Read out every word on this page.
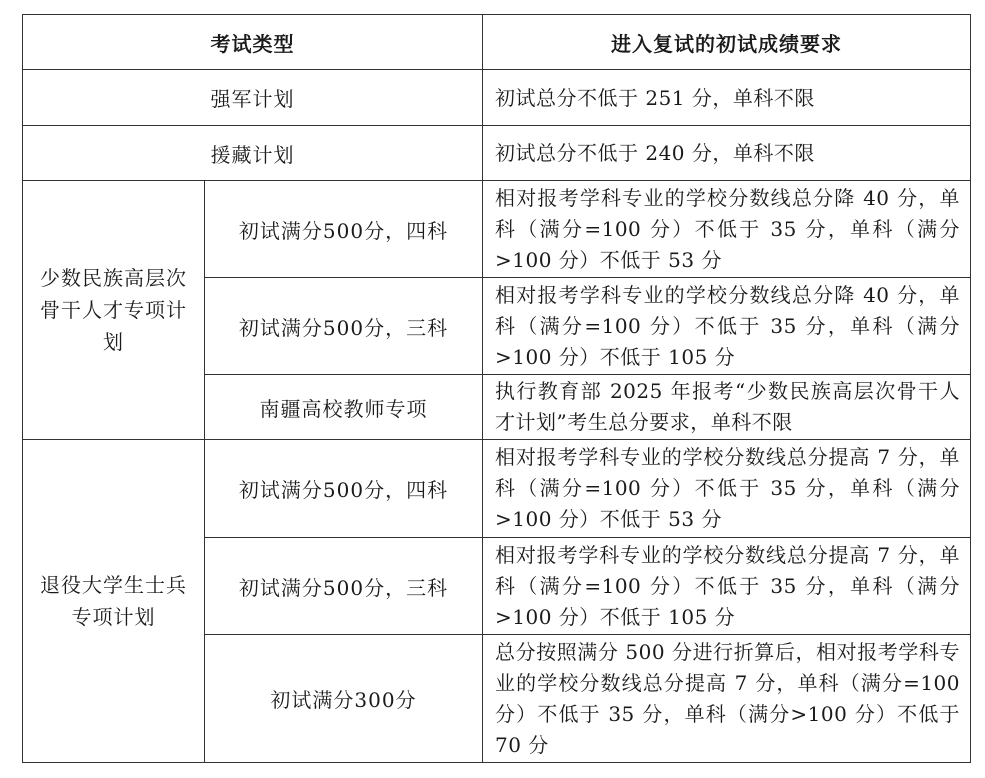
考试类型		进入复试的初试成绩要求
强军计划		初试总分不低于 251 分，单科不限
援藏计划		初试总分不低于 240 分，单科不限
少数民族高层次骨干人才专项计划	初试满分500分，四科	相对报考学科专业的学校分数线总分降 40 分，单科（满分=100 分）不低于 35 分，单科（满分>100 分）不低于 53 分
	初试满分500分，三科	相对报考学科专业的学校分数线总分降 40 分，单科（满分=100 分）不低于 35 分，单科（满分>100 分）不低于 105 分
	南疆高校教师专项	执行教育部 2025 年报考“少数民族高层次骨干人才计划”考生总分要求，单科不限
退役大学生士兵专项计划	初试满分500分，四科	相对报考学科专业的学校分数线总分提高 7 分，单科（满分=100 分）不低于 35 分，单科（满分>100 分）不低于 53 分
	初试满分500分，三科	相对报考学科专业的学校分数线总分提高 7 分，单科（满分=100 分）不低于 35 分，单科（满分>100 分）不低于 105 分
	初试满分300分	总分按照满分 500 分进行折算后，相对报考学科专业的学校分数线总分提高 7 分，单科（满分=100 分）不低于 35 分，单科（满分>100 分）不低于 70 分
